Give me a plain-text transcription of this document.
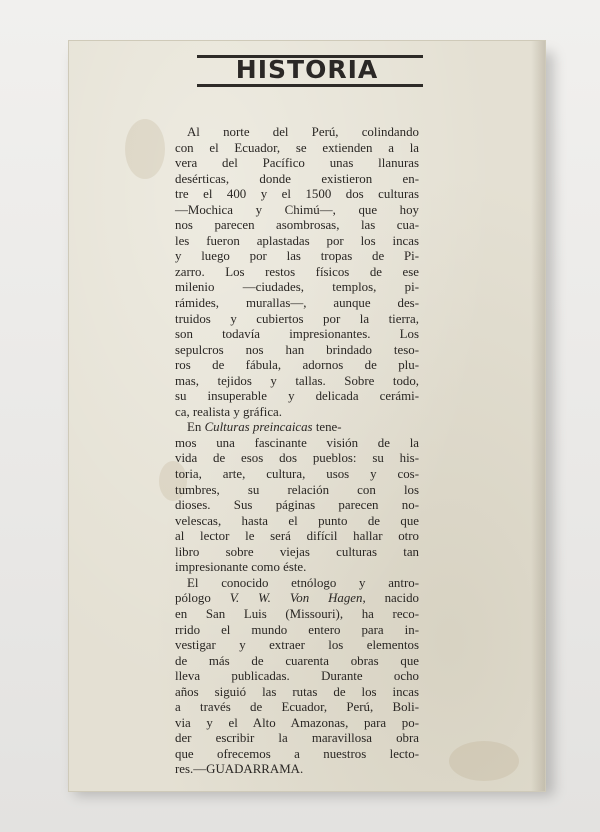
HISTORIA
Al norte del Perú, colindando
con el Ecuador, se extienden a la
vera del Pacífico unas llanuras
desérticas, donde existieron en-
tre el 400 y el 1500 dos culturas
—Mochica y Chimú—, que hoy
nos parecen asombrosas, las cua-
les fueron aplastadas por los incas
y luego por las tropas de Pi-
zarro. Los restos físicos de ese
milenio —ciudades, templos, pi-
rámides, murallas—, aunque des-
truidos y cubiertos por la tierra,
son todavía impresionantes. Los
sepulcros nos han brindado teso-
ros de fábula, adornos de plu-
mas, tejidos y tallas. Sobre todo,
su insuperable y delicada cerámi-
ca, realista y gráfica.
En Culturas preincaicas tene-
mos una fascinante visión de la
vida de esos dos pueblos: su his-
toria, arte, cultura, usos y cos-
tumbres, su relación con los
dioses. Sus páginas parecen no-
velescas, hasta el punto de que
al lector le será difícil hallar otro
libro sobre viejas culturas tan
impresionante como éste.
El conocido etnólogo y antro-
pólogo V. W. Von Hagen, nacido
en San Luis (Missouri), ha reco-
rrido el mundo entero para in-
vestigar y extraer los elementos
de más de cuarenta obras que
lleva publicadas. Durante ocho
años siguió las rutas de los incas
a través de Ecuador, Perú, Boli-
via y el Alto Amazonas, para po-
der escribir la maravillosa obra
que ofrecemos a nuestros lecto-
res.—GUADARRAMA.
